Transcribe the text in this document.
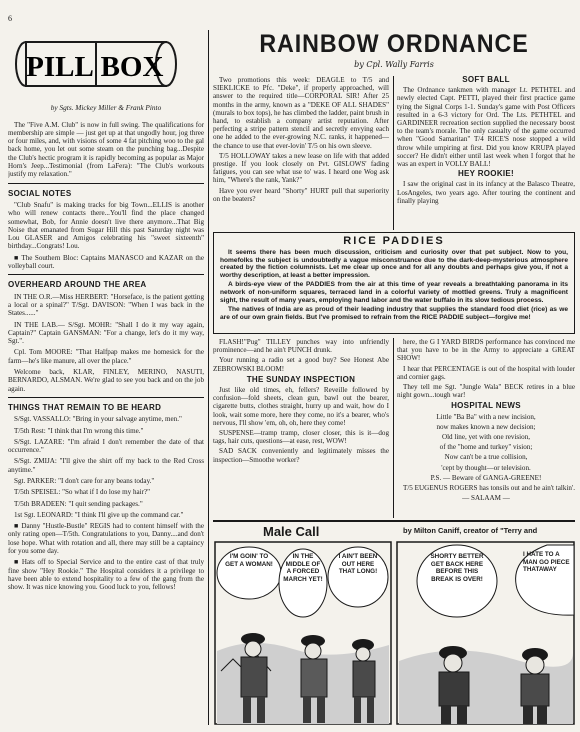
6
PILL BOX
by Sgts. Mickey Miller & Frank Pinto

The "Five A.M. Club" is now in full swing. The qualifications for membership are simple — just get up at that ungodly hour, jog three or four miles, and, with visions of some 4 fat pitching woo to the gal back home, you let out some steam on the punching bag...Despite the Club's hectic program it is rapidly becoming as popular as Major Horn's Jeep...Testimonial (from LaFera): "The Club's workouts justify my relaxation."

SOCIAL NOTES

"Club Snafu" is making tracks for big Town...ELLIS is another who will renew contacts there...You'll find the place changed somewhat, Bob, for Annie doesn't live there anymore...That Big Noise that emanated from Sugar Hill this past Saturday night was Lou GLASER and Amigos celebrating his "sweet sixteenth" birthday...Congrats! Lou.

■ The Southern Bloc: Captains MANASCO and KAZAR on the volleyball court.

OVERHEARD AROUND THE AREA

IN THE O.R.—Miss HERBERT: "Horseface, is the patient getting a local or a spinal?" T/Sgt. DAVISON: "When I was back in the States......"

IN THE LAB.— S/Sgt. MOHR: "Shall I do it my way again, Captain?" Captain GANSMAN: "For a change, let's do it my way, Sgt.".

Cpl. Tom MOORE: "That Halfpap makes me homesick for the farm—he's like manure, all over the place."

Welcome back, KLAR, FINLEY, MERINO, NASUTI, BERNARDO, ALSMAN. We're glad to see you back and on the job again.

THINGS THAT REMAIN TO BE HEARD

S/Sgt. VASSALLO: "Bring in your salvage anytime, men."

T/5th Rest: "I think that I'm wrong this time."

S/Sgt. LAZARE: "I'm afraid I don't remember the date of that occurrence."

S/Sgt. ZMIJA: "I'll give the shirt off my back to the Red Cross anytime."

Sgt. PARKER: "I don't care for any beans today."

T/5th SPEISEL: "So what if I do lose my hair?"

T/5th BRADEEN: "I quit sending packages."

1st Sgt. LEONARD: "I think I'll give up the command car."

■ Danny "Hustle-Bustle" REGIS had to content himself with the only rating open—T/5th. Congratulations to you, Danny....and don't lose hope. What with rotation and all, there may still be a captaincy for you some day.

■ Hats off to Special Service and to the entire cast of that truly fine show "Hey Rookie." The Hospital considers it a privilege to have been able to extend hospitality to a few of the gang from the show. It was nice knowing you. Good luck to you, fellows!

RAINBOW ORDNANCE
by Cpl. Wally Farris

Two promotions this week: DEAGLE to T/5 and SIEKLICKE to Pfc. "Deke", if properly approached, will answer to the required title—CORPORAL SIR! After 25 months in the army, known as a "DEKE OF ALL SHADES" (murals to box tops), he has climbed the ladder, paint brush in hand, to establish a company artist reputation. After perfecting a stripe pattern stencil and secretly envying each one he added to the ever-growing N.C. ranks, it happened—the chance to use that ever-lovin' T/5 on his own sleeve.

T/5 HOLLOWAY takes a new lease on life with that added prestige. If you look closely on Pvt. GISLOWS' fading fatigues, you can see what use to' was. I heard one Wog ask him, "Where's the rank, Yank?"

Have you ever heard "Shorty" HURT pull that superiority on the beaters?

SOFT BALL

The Ordnance tankmen with manager Lt. PETHTEL and newly elected Capt. PETTI, played their first practice game tying the Signal Corps 1-1. Sunday's game with Post Officers resulted in a 6-3 victory for Ord. The Lts. PETHTEL and GARDINEER recreation section supplied the necessary boost to the team's morale. The only casualty of the game occurred when "Good Samaritan" T/4 RICE'S nose stopped a wild throw while umpiring at first. Did you know KRUPA played soccer? He didn't either until last week when I forgot that he was an expert in VOLLY BALL!

HEY ROOKIE!

I saw the original cast in its infancy at the Balasco Theatre, LosAngeles, two years ago. After touring the continent and finally playing

RICE PADDIES

It seems there has been much discussion, criticism and curiosity over that pet subject. Now to you, homefolks the subject is undoubtedly a vague misconstruance due to the dark-deep-mysterious atmosphere created by the fiction columnists. Let me clear up once and for all any doubts and perhaps give you, if not a worthy description, at least a better impression.

A birds-eye view of the PADDIES from the air at this time of year reveals a breathtaking panorama in its network of non-uniform squares, terraced land in a colorful variety of mottled greens. Truly a magnificent sight, the result of many years, employing hand labor and the water buffalo in its slow tedious process.

The natives of India are as proud of their leading industry that supplies the standard food diet (rice) as we are of our own grain fields. But I've promised to refrain from the RICE PADDIE subject—forgive me!

FLASH!"Pug" TILLEY punches way into unfriendly prominence—and he ain't PUNCH drunk.

Your running a radio set a good buy? See Honest Abe ZEBROWSKI BLOOM!

THE SUNDAY INSPECTION

Just like old times, eh, fellers? Reveille followed by confusion—fold sheets, clean gun, bawl out the bearer, cigarette butts, clothes straight, hurry up and wait, how do I look, wait some more, here they come, no it's a bearer, who's nervous, I'll show 'em, oh, oh, here they come!

SUSPENSE—tramp tramp, closer closer, this is it—dog tags, hair cuts, questions—at ease, rest, WOW!

SAD SACK conveniently and legitimately misses the inspection—Smoothe worker?

here, the G I YARD BIRDS performance has convinced me that you have to be in the Army to appreciate a GREAT SHOW!

I hear that PERCENTAGE is out of the hospital with louder and cornier gags.

They tell me Sgt. "Jungle Wala" BECK retires in a blue night gown...tough war!

HOSPITAL NEWS

Little "Ba Ba" with a new incision,

now makes known a new decision;

Old line, yet with one revision,

of the "home and turkey" vision;

Now can't be a true collision,

'cept by thought—or television.

P.S. — Beware of GANGA-GREENE!

T/5 EUGENUS ROGERS has tonsils out and he ain't talkin'.

— SALAAM —

Male Call	by Milton Caniff, creator of "Terry and
I'M GOIN' TO GET A WOMAN!
IN THE MIDDLE OF A FORCED MARCH YET!
I AIN'T BEEN OUT HERE THAT LONG!
SHORTY BETTER GET BACK HERE BEFORE THIS BREAK IS OVER!
I HATE TO A MAN GO PIECE THATAWAY
